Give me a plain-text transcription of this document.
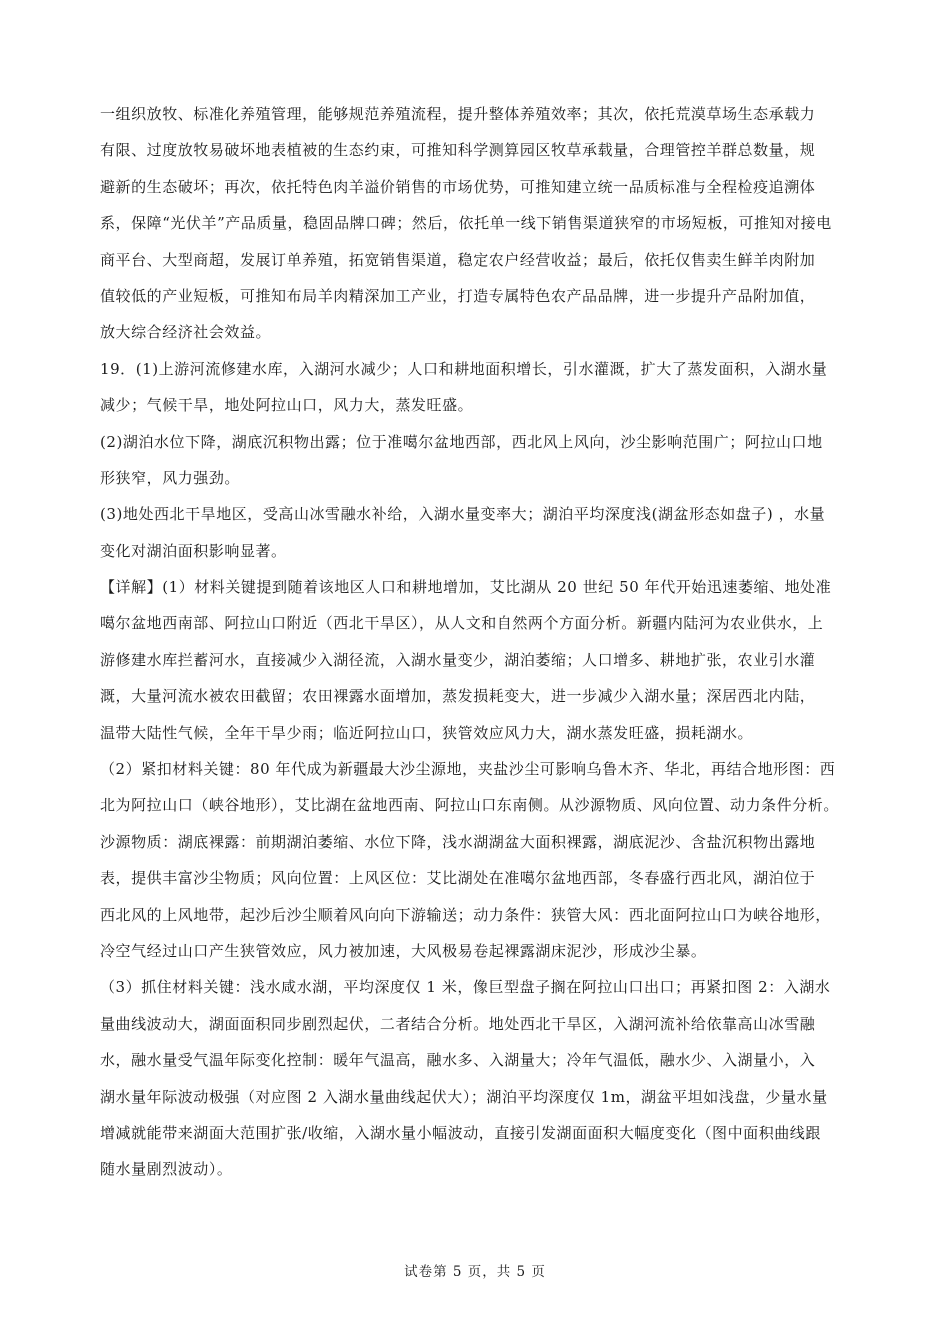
一组织放牧、标准化养殖管理，能够规范养殖流程，提升整体养殖效率；其次，依托荒漠草场生态承载力
有限、过度放牧易破坏地表植被的生态约束，可推知科学测算园区牧草承载量，合理管控羊群总数量，规
避新的生态破坏；再次，依托特色肉羊溢价销售的市场优势，可推知建立统一品质标准与全程检疫追溯体
系，保障“光伏羊”产品质量，稳固品牌口碑；然后，依托单一线下销售渠道狭窄的市场短板，可推知对接电
商平台、大型商超，发展订单养殖，拓宽销售渠道，稳定农户经营收益；最后，依托仅售卖生鲜羊肉附加
值较低的产业短板，可推知布局羊肉精深加工产业，打造专属特色农产品品牌，进一步提升产品附加值，
放大综合经济社会效益。
19．(1)上游河流修建水库，入湖河水减少；人口和耕地面积增长，引水灌溉，扩大了蒸发面积，入湖水量
减少；气候干旱，地处阿拉山口，风力大，蒸发旺盛。
(2)湖泊水位下降，湖底沉积物出露；位于准噶尔盆地西部，西北风上风向，沙尘影响范围广；阿拉山口地
形狭窄，风力强劲。
(3)地处西北干旱地区，受高山冰雪融水补给，入湖水量变率大；湖泊平均深度浅(湖盆形态如盘子) ，水量
变化对湖泊面积影响显著。
【详解】(1）材料关键提到随着该地区人口和耕地增加，艾比湖从 20 世纪 50 年代开始迅速萎缩、地处准
噶尔盆地西南部、阿拉山口附近（西北干旱区），从人文和自然两个方面分析。新疆内陆河为农业供水，上
游修建水库拦蓄河水，直接减少入湖径流，入湖水量变少，湖泊萎缩；人口增多、耕地扩张，农业引水灌
溉，大量河流水被农田截留；农田裸露水面增加，蒸发损耗变大，进一步减少入湖水量；深居西北内陆，
温带大陆性气候，全年干旱少雨；临近阿拉山口，狭管效应风力大，湖水蒸发旺盛，损耗湖水。
（2）紧扣材料关键：80 年代成为新疆最大沙尘源地，夹盐沙尘可影响乌鲁木齐、华北，再结合地形图：西
北为阿拉山口（峡谷地形），艾比湖在盆地西南、阿拉山口东南侧。从沙源物质、风向位置、动力条件分析。
沙源物质：湖底裸露：前期湖泊萎缩、水位下降，浅水湖湖盆大面积裸露，湖底泥沙、含盐沉积物出露地
表，提供丰富沙尘物质；风向位置：上风区位：艾比湖处在准噶尔盆地西部，冬春盛行西北风，湖泊位于
西北风的上风地带，起沙后沙尘顺着风向向下游输送；动力条件：狭管大风：西北面阿拉山口为峡谷地形，
冷空气经过山口产生狭管效应，风力被加速，大风极易卷起裸露湖床泥沙，形成沙尘暴。
（3）抓住材料关键：浅水咸水湖，平均深度仅 1 米，像巨型盘子搁在阿拉山口出口；再紧扣图 2：入湖水
量曲线波动大，湖面面积同步剧烈起伏，二者结合分析。地处西北干旱区，入湖河流补给依靠高山冰雪融
水，融水量受气温年际变化控制：暖年气温高，融水多、入湖量大；冷年气温低，融水少、入湖量小，入
湖水量年际波动极强（对应图 2 入湖水量曲线起伏大）；湖泊平均深度仅 1m，湖盆平坦如浅盘，少量水量
增减就能带来湖面大范围扩张/收缩，入湖水量小幅波动，直接引发湖面面积大幅度变化（图中面积曲线跟
随水量剧烈波动）。
试卷第 5 页，共 5 页
